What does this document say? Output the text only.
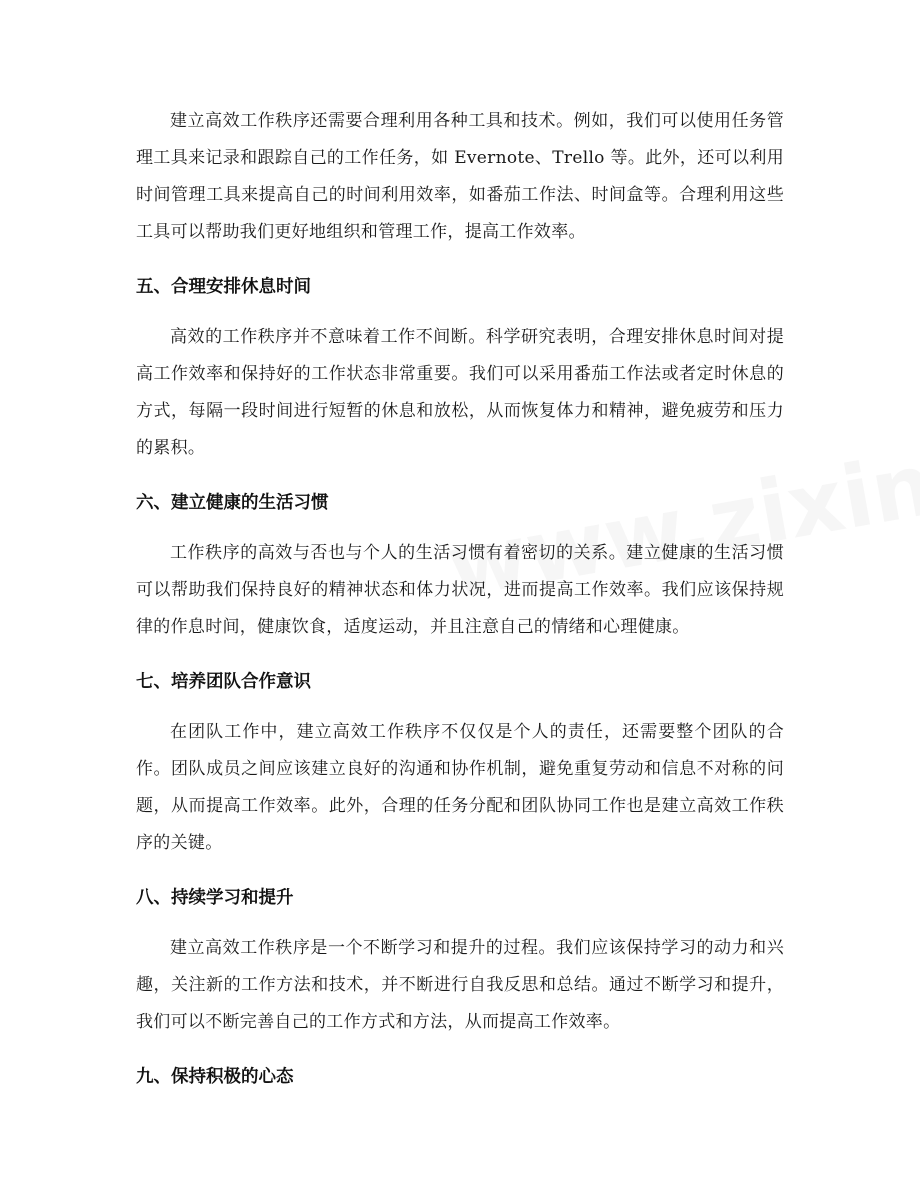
建立高效工作秩序还需要合理利用各种工具和技术。例如，我们可以使用任务管理工具来记录和跟踪自己的工作任务，如 Evernote、Trello 等。此外，还可以利用时间管理工具来提高自己的时间利用效率，如番茄工作法、时间盒等。合理利用这些工具可以帮助我们更好地组织和管理工作，提高工作效率。

五、合理安排休息时间

高效的工作秩序并不意味着工作不间断。科学研究表明，合理安排休息时间对提高工作效率和保持好的工作状态非常重要。我们可以采用番茄工作法或者定时休息的方式，每隔一段时间进行短暂的休息和放松，从而恢复体力和精神，避免疲劳和压力的累积。

六、建立健康的生活习惯

工作秩序的高效与否也与个人的生活习惯有着密切的关系。建立健康的生活习惯可以帮助我们保持良好的精神状态和体力状况，进而提高工作效率。我们应该保持规律的作息时间，健康饮食，适度运动，并且注意自己的情绪和心理健康。

七、培养团队合作意识

在团队工作中，建立高效工作秩序不仅仅是个人的责任，还需要整个团队的合作。团队成员之间应该建立良好的沟通和协作机制，避免重复劳动和信息不对称的问题，从而提高工作效率。此外，合理的任务分配和团队协同工作也是建立高效工作秩序的关键。

八、持续学习和提升

建立高效工作秩序是一个不断学习和提升的过程。我们应该保持学习的动力和兴趣，关注新的工作方法和技术，并不断进行自我反思和总结。通过不断学习和提升，我们可以不断完善自己的工作方式和方法，从而提高工作效率。

九、保持积极的心态
